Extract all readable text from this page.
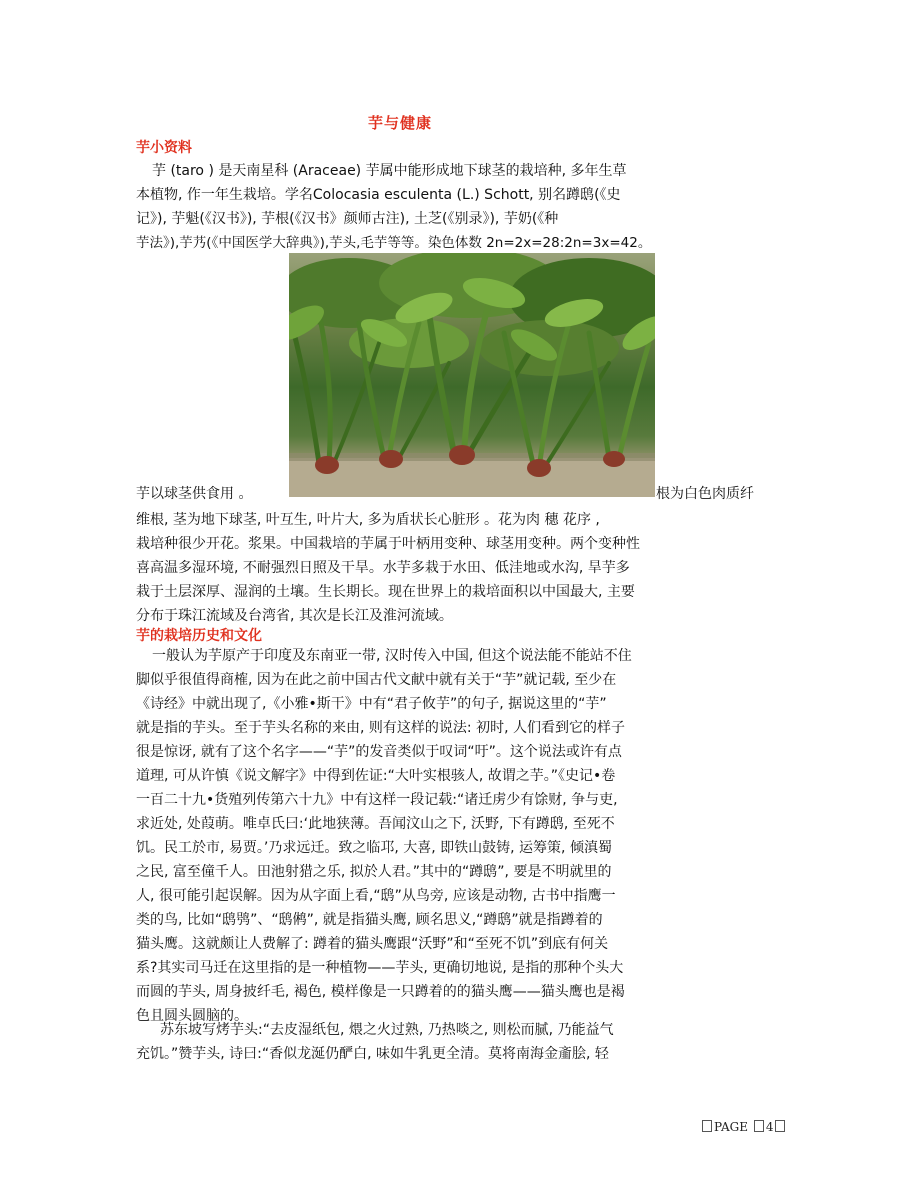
芋与健康
芋小资料
芋 (taro ) 是天南星科 (Araceae) 芋属中能形成地下球茎的栽培种, 多年生草
本植物, 作一年生栽培。学名Colocasia esculenta (L.) Schott, 别名蹲鸱(《史
记》), 芋魁(《汉书》), 芋根(《汉书》颜师古注), 土芝(《别录》), 芋奶(《种
芋法》),芋艿(《中国医学大辞典》),芋头,毛芋等等。染色体数 2n=2x=28:2n=3x=42。
芋以球茎供食用 。	根为白色肉质纤
维根, 茎为地下球茎, 叶互生, 叶片大, 多为盾状长心脏形 。花为肉 穗 花序 ,
栽培种很少开花。浆果。中国栽培的芋属于叶柄用变种、球茎用变种。两个变种性
喜高温多湿环境, 不耐强烈日照及干旱。水芋多栽于水田、低洼地或水沟, 旱芋多
栽于土层深厚、湿润的土壤。生长期长。现在世界上的栽培面积以中国最大, 主要
分布于珠江流域及台湾省, 其次是长江及淮河流域。
芋的栽培历史和文化
一般认为芋原产于印度及东南亚一带, 汉时传入中国, 但这个说法能不能站不住
脚似乎很值得商榷, 因为在此之前中国古代文献中就有关于“芋”就记载, 至少在
《诗经》中就出现了,《小雅•斯干》中有“君子攸芋”的句子, 据说这里的“芋”
就是指的芋头。至于芋头名称的来由, 则有这样的说法: 初时, 人们看到它的样子
很是惊讶, 就有了这个名字——“芋”的发音类似于叹词“吁”。这个说法或许有点
道理, 可从许慎《说文解字》中得到佐证:“大叶实根骇人, 故谓之芋。”《史记•卷
一百二十九•货殖列传第六十九》中有这样一段记载:“诸迁虏少有馀财, 争与吏,
求近处, 处葭萌。唯卓氏曰:‘此地狭薄。吾闻汶山之下, 沃野, 下有蹲鸱, 至死不
饥。民工於市, 易贾。’乃求远迁。致之临邛, 大喜, 即铁山鼓铸, 运筹策, 倾滇蜀
之民, 富至僮千人。田池射猎之乐, 拟於人君。”其中的“蹲鸱”, 要是不明就里的
人, 很可能引起误解。因为从字面上看,“鸱”从鸟旁, 应该是动物, 古书中指鹰一
类的鸟, 比如“鸱鸮”、“鸱鸺”, 就是指猫头鹰, 顾名思义,“蹲鸱”就是指蹲着的
猫头鹰。这就颇让人费解了: 蹲着的猫头鹰跟“沃野”和“至死不饥”到底有何关
系?其实司马迁在这里指的是一种植物——芋头, 更确切地说, 是指的那种个头大
而圆的芋头, 周身披纤毛, 褐色, 模样像是一只蹲着的的猫头鹰——猫头鹰也是褐
色且圆头圆脑的。
苏东坡写烤芋头:“去皮湿纸包, 煨之火过熟, 乃热啖之, 则松而腻, 乃能益气
充饥。”赞芋头, 诗曰:“香似龙涎仍酽白, 味如牛乳更全清。莫将南海金齑脍, 轻
PAGE 4
